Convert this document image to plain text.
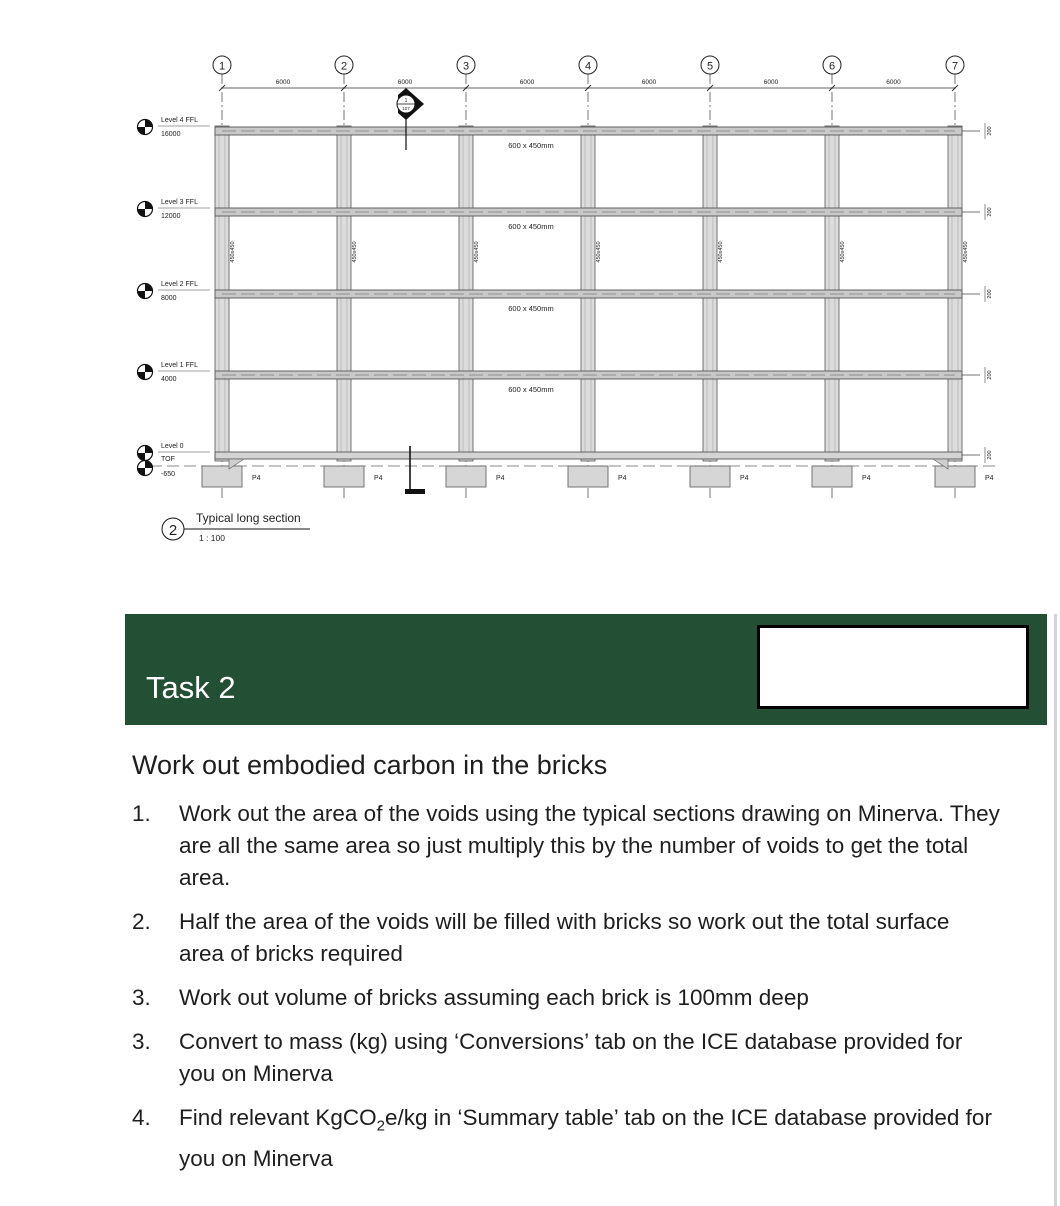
1	2	3	4	5	6	7
6000	6000	6000	6000	6000	6000
450x450	450x450	450x450	450x450	450x450	450x450	450x450
600 x 450mm
600 x 450mm
600 x 450mm
600 x 450mm
P4	P4	P4	P4	P4	P4	P4
Level 4 FFL
16000
Level 3 FFL
12000
Level 2 FFL
8000
Level 1 FFL
4000
Level 0
TOF
-650
200
200
200
200
200
1
107
2
Typical long section
1 : 100
Task 2
Work out embodied carbon in the bricks
1. Work out the area of the voids using the typical sections drawing on Minerva. They are all the same area so just multiply this by the number of voids to get the total area.
2. Half the area of the voids will be filled with bricks so work out the total surface area of bricks required
3. Work out volume of bricks assuming each brick is 100mm deep
3. Convert to mass (kg) using ‘Conversions’ tab on the ICE database provided for you on Minerva
4. Find relevant KgCO$_2$e/kg in ‘Summary table’ tab on the ICE database provided for you on Minerva
